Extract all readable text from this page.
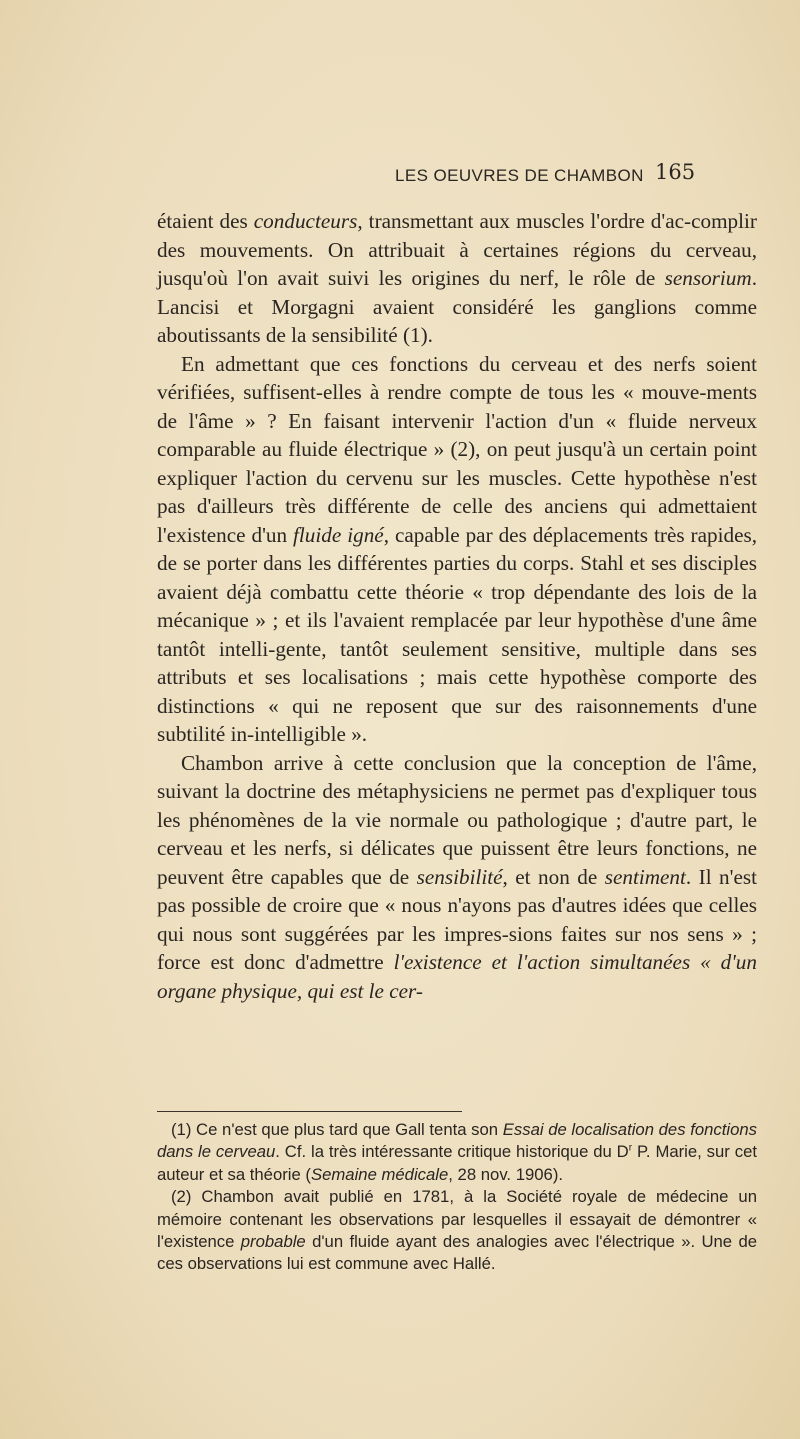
LES OEUVRES DE CHAMBON 165

étaient des conducteurs, transmettant aux muscles l'ordre d'ac-complir des mouvements. On attribuait à certaines régions du cerveau, jusqu'où l'on avait suivi les origines du nerf, le rôle de sensorium. Lancisi et Morgagni avaient considéré les ganglions comme aboutissants de la sensibilité (1).

En admettant que ces fonctions du cerveau et des nerfs soient vérifiées, suffisent-elles à rendre compte de tous les « mouve-ments de l'âme » ? En faisant intervenir l'action d'un « fluide nerveux comparable au fluide électrique » (2), on peut jusqu'à un certain point expliquer l'action du cervenu sur les muscles. Cette hypothèse n'est pas d'ailleurs très différente de celle des anciens qui admettaient l'existence d'un fluide igné, capable par des déplacements très rapides, de se porter dans les différentes parties du corps. Stahl et ses disciples avaient déjà combattu cette théorie « trop dépendante des lois de la mécanique » ; et ils l'avaient remplacée par leur hypothèse d'une âme tantôt intelli-gente, tantôt seulement sensitive, multiple dans ses attributs et ses localisations ; mais cette hypothèse comporte des distinctions « qui ne reposent que sur des raisonnements d'une subtilité in-intelligible ».

Chambon arrive à cette conclusion que la conception de l'âme, suivant la doctrine des métaphysiciens ne permet pas d'expliquer tous les phénomènes de la vie normale ou pathologique ; d'autre part, le cerveau et les nerfs, si délicates que puissent être leurs fonctions, ne peuvent être capables que de sensibilité, et non de sentiment. Il n'est pas possible de croire que « nous n'ayons pas d'autres idées que celles qui nous sont suggérées par les impres-sions faites sur nos sens » ; force est donc d'admettre l'existence et l'action simultanées « d'un organe physique, qui est le cer-

(1) Ce n'est que plus tard que Gall tenta son Essai de localisation des fonctions dans le cerveau. Cf. la très intéressante critique historique du $D^r$ P. Marie, sur cet auteur et sa théorie (Semaine médicale, 28 nov. 1906).

(2) Chambon avait publié en 1781, à la Société royale de médecine un mémoire contenant les observations par lesquelles il essayait de démontrer « l'existence probable d'un fluide ayant des analogies avec l'électrique ». Une de ces observations lui est commune avec Hallé.
